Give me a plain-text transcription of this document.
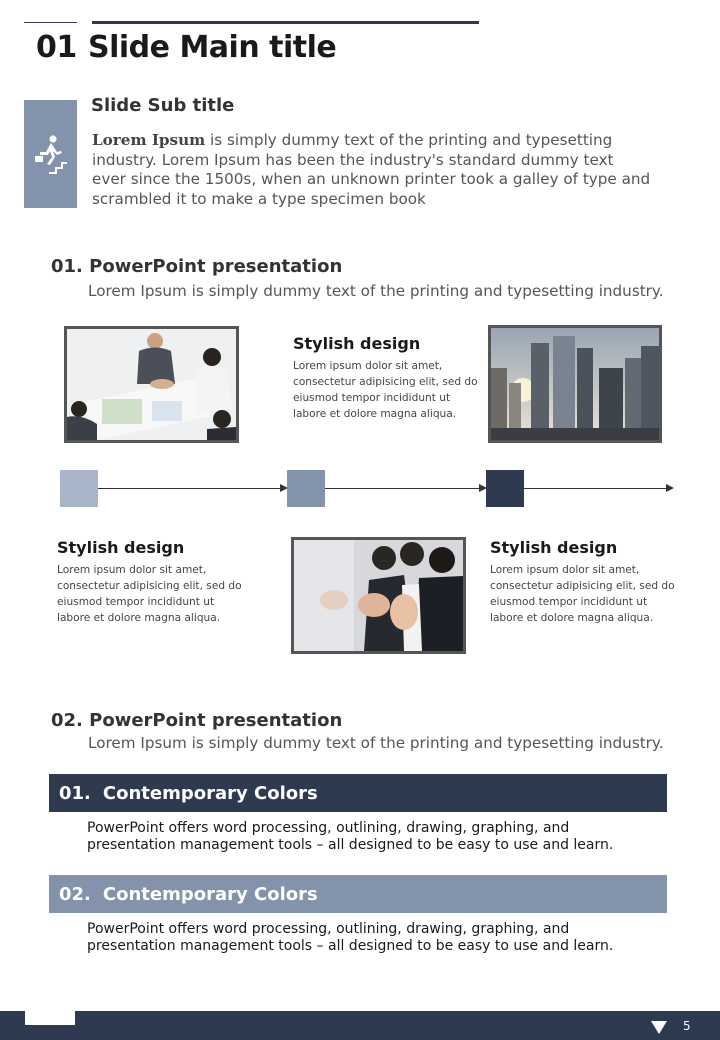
01 Slide Main title
Slide Sub title
Lorem Ipsum is simply dummy text of the printing and typesetting industry. Lorem Ipsum has been the industry's standard dummy text ever since the 1500s, when an unknown printer took a galley of type and scrambled it to make a type specimen book
01. PowerPoint presentation
Lorem Ipsum is simply dummy text of the printing and typesetting industry.
Stylish design
Lorem ipsum dolor sit amet, consectetur adipisicing elit, sed do eiusmod tempor incididunt ut labore et dolore magna aliqua.
Stylish design
Lorem ipsum dolor sit amet, consectetur adipisicing elit, sed do eiusmod tempor incididunt ut labore et dolore magna aliqua.
Stylish design
Lorem ipsum dolor sit amet, consectetur adipisicing elit, sed do eiusmod tempor incididunt ut labore et dolore magna aliqua.
02. PowerPoint presentation
Lorem Ipsum is simply dummy text of the printing and typesetting industry.
01. Contemporary Colors
PowerPoint offers word processing, outlining, drawing, graphing, and presentation management tools – all designed to be easy to use and learn.
02. Contemporary Colors
PowerPoint offers word processing, outlining, drawing, graphing, and presentation management tools – all designed to be easy to use and learn.
5
